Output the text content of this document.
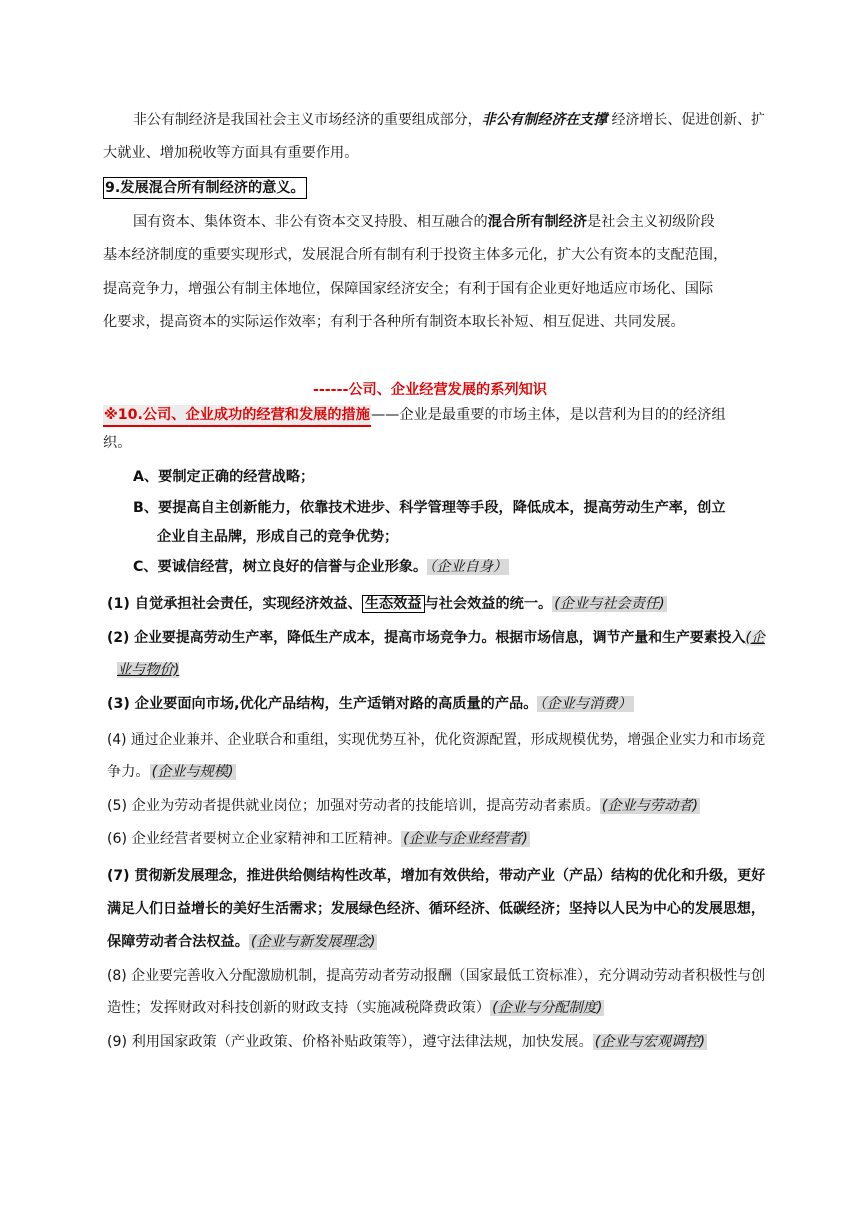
非公有制经济是我国社会主义市场经济的重要组成部分，非公有制经济在支撑 经济增长、促进创新、扩
大就业、增加税收等方面具有重要作用。
9.发展混合所有制经济的意义。
国有资本、集体资本、非公有资本交叉持股、相互融合的混合所有制经济是社会主义初级阶段
基本经济制度的重要实现形式，发展混合所有制有利于投资主体多元化，扩大公有资本的支配范围，
提高竞争力，增强公有制主体地位，保障国家经济安全；有利于国有企业更好地适应市场化、国际
化要求，提高资本的实际运作效率；有利于各种所有制资本取长补短、相互促进、共同发展。
------公司、企业经营发展的系列知识
※10.公司、企业成功的经营和发展的措施——企业是最重要的市场主体，是以营利为目的的经济组
织。
A、要制定正确的经营战略；
B、要提高自主创新能力，依靠技术进步、科学管理等手段，降低成本，提高劳动生产率，创立
企业自主品牌，形成自己的竞争优势；
C、要诚信经营，树立良好的信誉与企业形象。 （企业自身）
(1) 自觉承担社会责任，实现经济效益、 生态效益 与社会效益的统一。 (企业与社会责任)
(2) 企业要提高劳动生产率，降低生产成本，提高市场竞争力。根据市场信息，调节产量和生产要素投入(企
业与物价)
(3) 企业要面向市场,优化产品结构，生产适销对路的高质量的产品。 （企业与消费）
(4) 通过企业兼并、企业联合和重组，实现优势互补，优化资源配置，形成规模优势，增强企业实力和市场竞
争力。 (企业与规模)
(5) 企业为劳动者提供就业岗位；加强对劳动者的技能培训，提高劳动者素质。 (企业与劳动者)
(6) 企业经营者要树立企业家精神和工匠精神。 (企业与企业经营者)
(7) 贯彻新发展理念，推进供给侧结构性改革，增加有效供给，带动产业（产品）结构的优化和升级，更好
满足人们日益增长的美好生活需求；发展绿色经济、循环经济、低碳经济；坚持以人民为中心的发展思想，
保障劳动者合法权益。 (企业与新发展理念)
(8) 企业要完善收入分配激励机制，提高劳动者劳动报酬（国家最低工资标准），充分调动劳动者积极性与创
造性；发挥财政对科技创新的财政支持（实施减税降费政策） (企业与分配制度)
(9) 利用国家政策（产业政策、价格补贴政策等），遵守法律法规，加快发展。 (企业与宏观调控)
